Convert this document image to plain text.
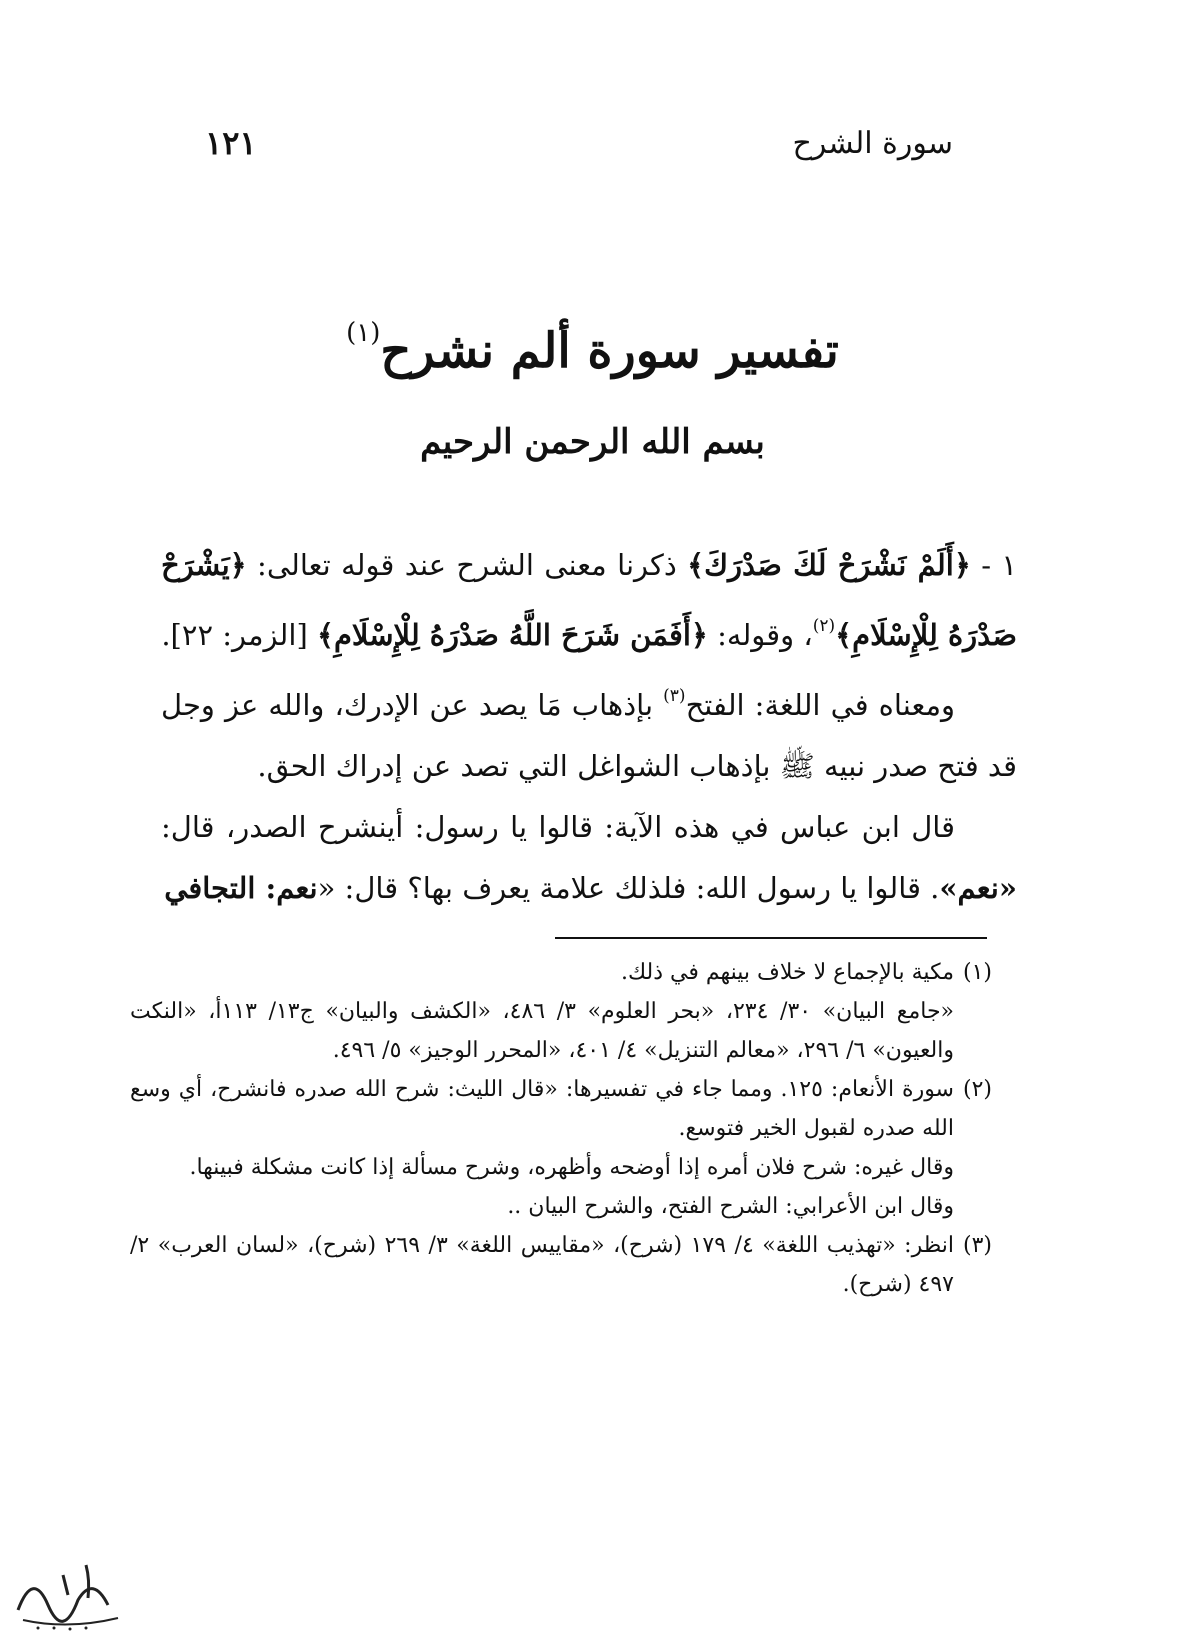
سورة الشرح
١٢١
تفسير سورة ألم نشرح$^{(١)}$
بسم الله الرحمن الرحيم

١ - ﴿أَلَمْ نَشْرَحْ لَكَ صَدْرَكَ﴾ ذكرنا معنى الشرح عند قوله تعالى: ﴿يَشْرَحْ صَدْرَهُ لِلْإِسْلَامِ﴾$^{(٢)}$، وقوله: ﴿أَفَمَن شَرَحَ اللَّهُ صَدْرَهُ لِلْإِسْلَامِ﴾ [الزمر: ٢٢].

ومعناه في اللغة: الفتح$^{(٣)}$ بإذهاب مَا يصد عن الإدرك، والله عز وجل قد فتح صدر نبيه ﷺ بإذهاب الشواغل التي تصد عن إدراك الحق.

قال ابن عباس في هذه الآية: قالوا يا رسول: أينشرح الصدر، قال: «نعم». قالوا يا رسول الله: فلذلك علامة يعرف بها؟ قال: «نعم: التجافي

(١)

مكية بالإجماع لا خلاف بينهم في ذلك.

«جامع البيان» ٣٠/ ٢٣٤، «بحر العلوم» ٣/ ٤٨٦، «الكشف والبيان» ج١٣/ ١١٣أ، «النكت والعيون» ٦/ ٢٩٦، «معالم التنزيل» ٤/ ٤٠١، «المحرر الوجيز» ٥/ ٤٩٦.

(٢)

سورة الأنعام: ١٢٥. ومما جاء في تفسيرها: «قال الليث: شرح الله صدره فانشرح، أي وسع الله صدره لقبول الخير فتوسع.

وقال غيره: شرح فلان أمره إذا أوضحه وأظهره، وشرح مسألة إذا كانت مشكلة فبينها.

وقال ابن الأعرابي: الشرح الفتح، والشرح البيان ..

(٣)

انظر: «تهذيب اللغة» ٤/ ١٧٩ (شرح)، «مقاييس اللغة» ٣/ ٢٦٩ (شرح)، «لسان العرب» ٢/ ٤٩٧ (شرح).
